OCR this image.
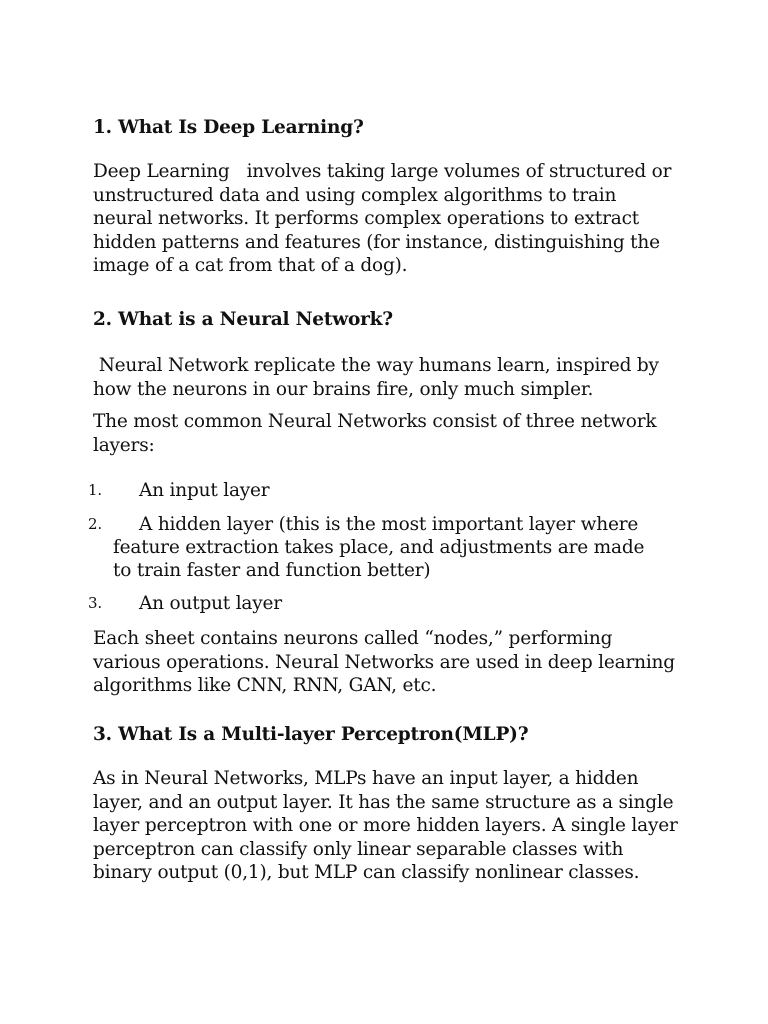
1. What Is Deep Learning?

Deep Learning   involves taking large volumes of structured or unstructured data and using complex algorithms to train neural networks. It performs complex operations to extract hidden patterns and features (for instance, distinguishing the image of a cat from that of a dog).

2. What is a Neural Network?

Neural Network replicate the way humans learn, inspired by how the neurons in our brains fire, only much simpler.

The most common Neural Networks consist of three network layers:

1.	An input layer
2.	A hidden layer (this is the most important layer where feature extraction takes place, and adjustments are made to train faster and function better)
3.	An output layer

Each sheet contains neurons called “nodes,” performing various operations. Neural Networks are used in deep learning algorithms like CNN, RNN, GAN, etc.

3. What Is a Multi-layer Perceptron(MLP)?

As in Neural Networks, MLPs have an input layer, a hidden layer, and an output layer. It has the same structure as a single layer perceptron with one or more hidden layers. A single layer perceptron can classify only linear separable classes with binary output (0,1), but MLP can classify nonlinear classes.
